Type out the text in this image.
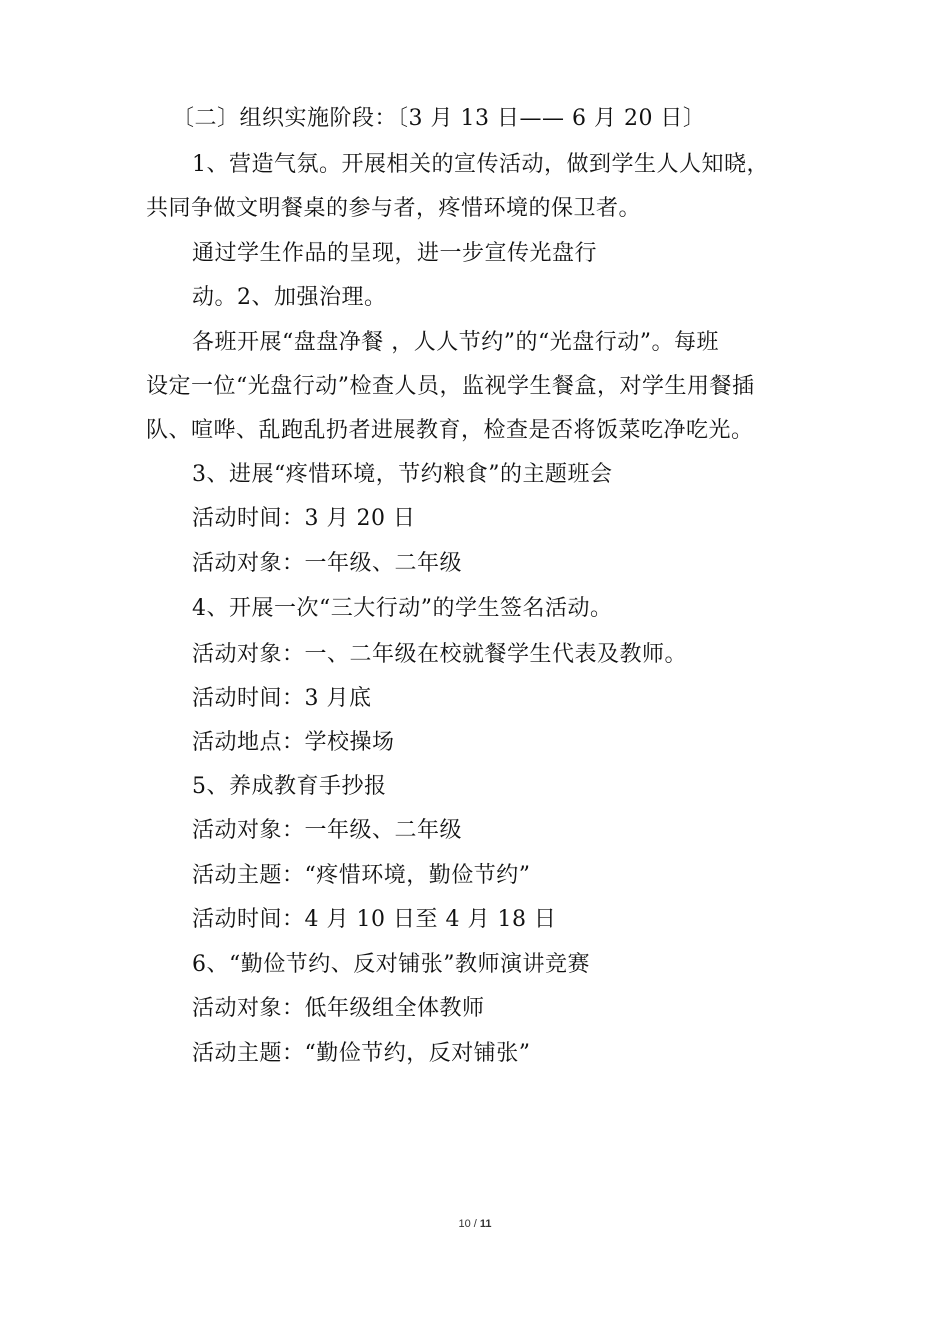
〔二〕组织实施阶段：〔3 月 13 日—— 6 月 20 日〕
1、营造气氛。开展相关的宣传活动，做到学生人人知晓，
共同争做文明餐桌的参与者，疼惜环境的保卫者。
通过学生作品的呈现，进一步宣传光盘行
动。2、加强治理。
各班开展“盘盘净餐 ，人人节约”的“光盘行动”。每班
设定一位“光盘行动”检查人员，监视学生餐盒，对学生用餐插
队、喧哗、乱跑乱扔者进展教育，检查是否将饭菜吃净吃光。
3、进展“疼惜环境，节约粮食”的主题班会
活动时间：3 月 20 日
活动对象：一年级、二年级
4、开展一次“三大行动”的学生签名活动。
活动对象：一、二年级在校就餐学生代表及教师。
活动时间：3 月底
活动地点：学校操场
5、养成教育手抄报
活动对象：一年级、二年级
活动主题：“疼惜环境，勤俭节约”
活动时间：4 月 10 日至 4 月 18 日
6、“勤俭节约、反对铺张”教师演讲竞赛
活动对象：低年级组全体教师
活动主题：“勤俭节约，反对铺张”
10 / 11
